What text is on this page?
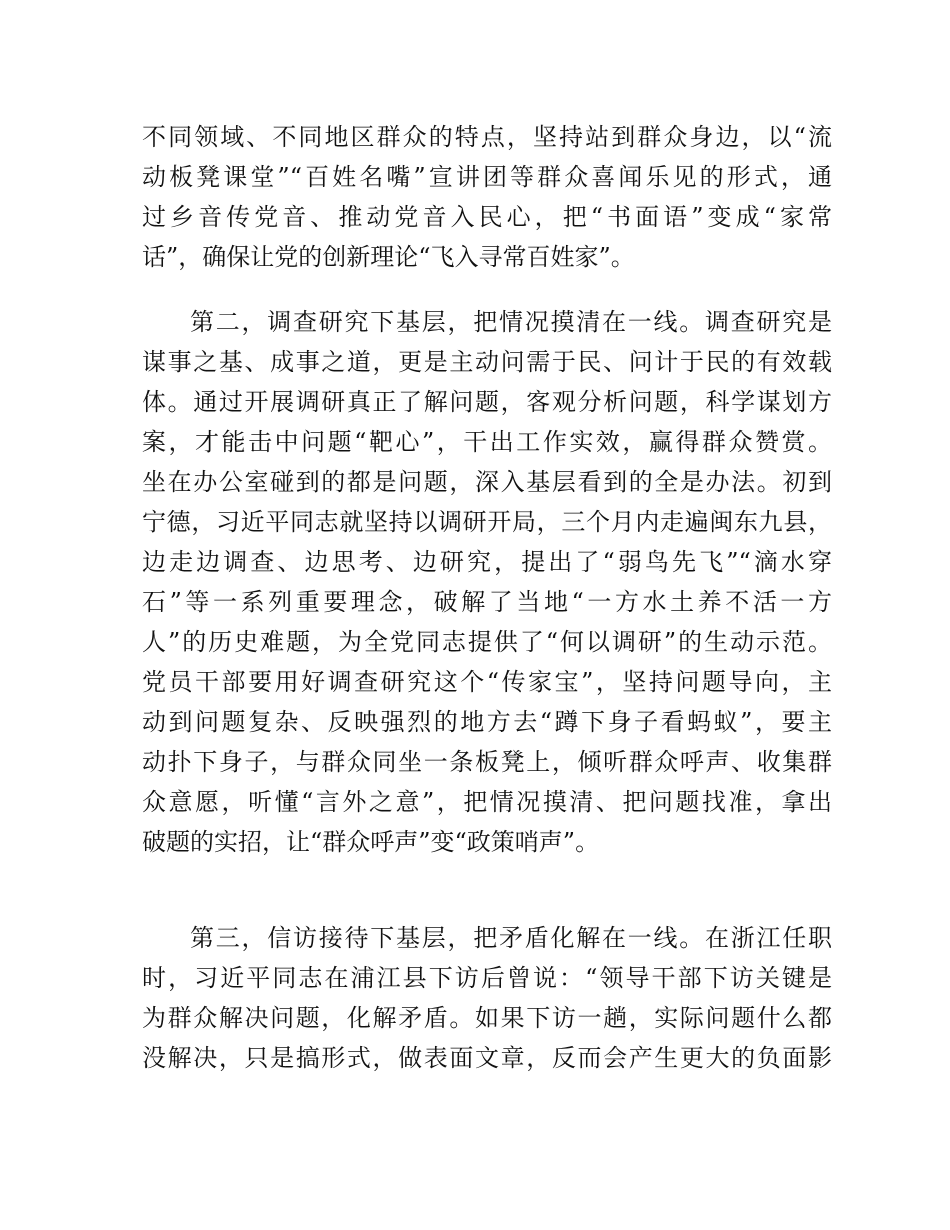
不同领域、不同地区群众的特点，坚持站到群众身边，以“流
动板凳课堂”“百姓名嘴”宣讲团等群众喜闻乐见的形式，通
过乡音传党音、推动党音入民心，把“书面语”变成“家常
话”，确保让党的创新理论“飞入寻常百姓家”。
第二，调查研究下基层，把情况摸清在一线。调查研究是
谋事之基、成事之道，更是主动问需于民、问计于民的有效载
体。通过开展调研真正了解问题，客观分析问题，科学谋划方
案，才能击中问题“靶心”，干出工作实效，赢得群众赞赏。
坐在办公室碰到的都是问题，深入基层看到的全是办法。初到
宁德，习近平同志就坚持以调研开局，三个月内走遍闽东九县，
边走边调查、边思考、边研究，提出了“弱鸟先飞”“滴水穿
石”等一系列重要理念，破解了当地“一方水土养不活一方
人”的历史难题，为全党同志提供了“何以调研”的生动示范。
党员干部要用好调查研究这个“传家宝”，坚持问题导向，主
动到问题复杂、反映强烈的地方去“蹲下身子看蚂蚁”，要主
动扑下身子，与群众同坐一条板凳上，倾听群众呼声、收集群
众意愿，听懂“言外之意”，把情况摸清、把问题找准，拿出
破题的实招，让“群众呼声”变“政策哨声”。
第三，信访接待下基层，把矛盾化解在一线。在浙江任职
时，习近平同志在浦江县下访后曾说：“领导干部下访关键是
为群众解决问题，化解矛盾。如果下访一趟，实际问题什么都
没解决，只是搞形式，做表面文章，反而会产生更大的负面影
